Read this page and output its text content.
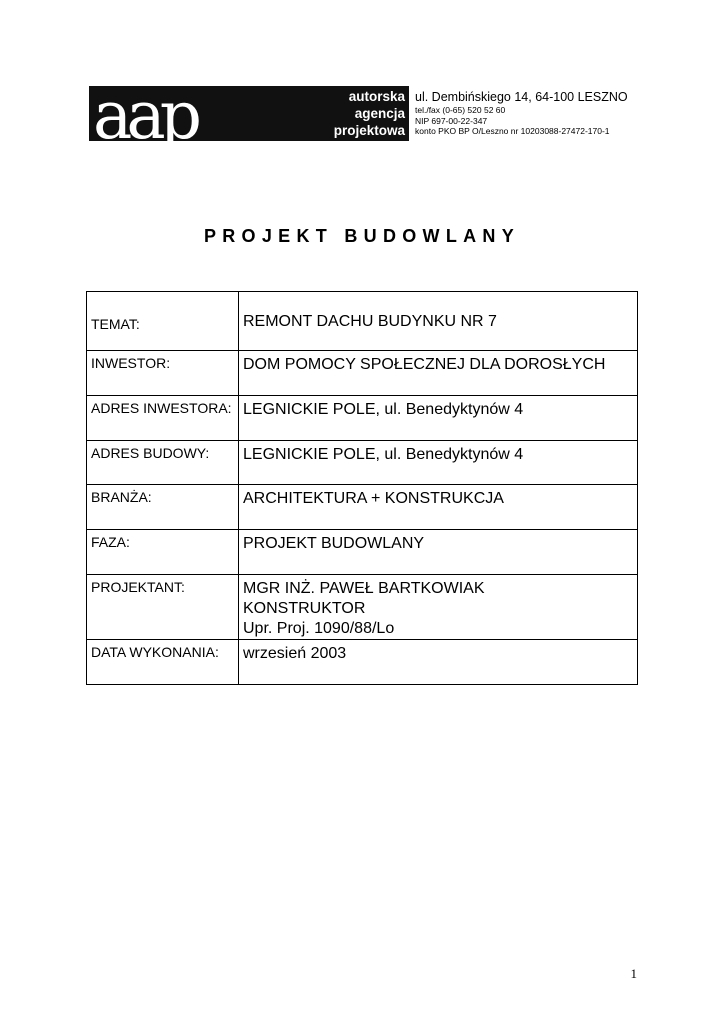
aap	autorska
agencja
projektowa
ul. Dembińskiego 14, 64-100 LESZNO
tel./fax (0-65) 520 52 60
NIP 697-00-22-347
konto PKO BP O/Leszno nr 10203088-27472-170-1
PROJEKT BUDOWLANY
TEMAT:	REMONT DACHU BUDYNKU NR 7

INWESTOR:	DOM POMOCY SPOŁECZNEJ DLA DOROSŁYCH

ADRES INWESTORA:	LEGNICKIE POLE, ul. Benedyktynów 4

ADRES BUDOWY:	LEGNICKIE POLE, ul. Benedyktynów 4

BRANŻA:	ARCHITEKTURA + KONSTRUKCJA

FAZA:	PROJEKT BUDOWLANY

PROJEKTANT:	MGR INŻ. PAWEŁ BARTKOWIAK
KONSTRUKTOR
Upr. Proj. 1090/88/Lo

DATA WYKONANIA:	wrzesień 2003
1
